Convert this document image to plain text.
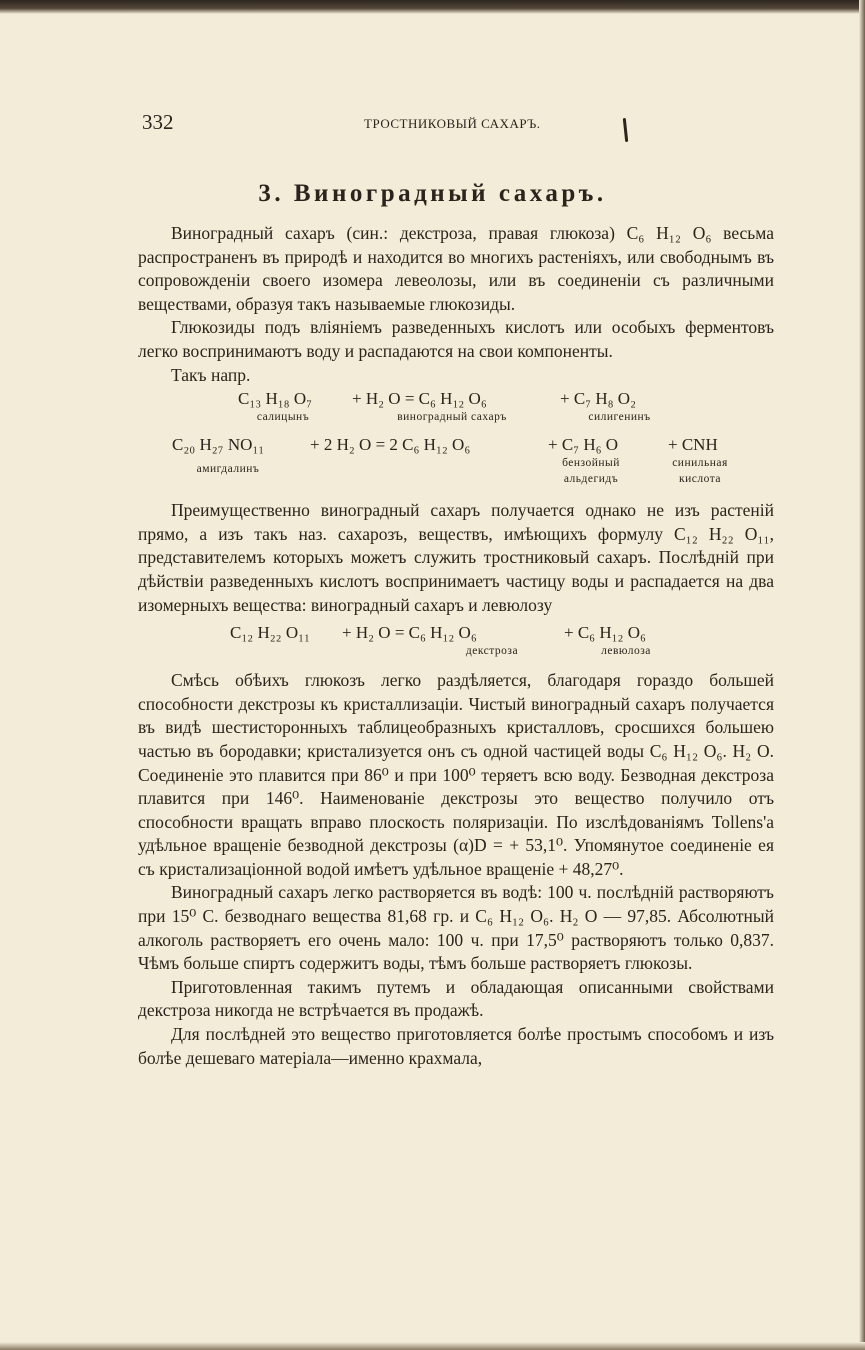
332	ТРОСТНИКОВЫЙ САХАРЪ.
3. Виноградный сахаръ.

Виноградный сахаръ (син.: декстроза, правая глюкоза) C₆ H₁₂ O₆ весьма распространенъ въ природѣ и находится во многихъ растенiяхъ, или свободнымъ въ сопровожденiи своего изомера левеолозы, или въ соединенiи съ различными веществами, образуя такъ называемые глюкозиды.

Глюкозиды подъ влiянiемъ разведенныхъ кислотъ или особыхъ ферментовъ легко воспринимаютъ воду и распадаются на свои компоненты.

Такъ напр.

C₁₃ H₁₈ O₇
салицынъ
+ H₂ O = C₆ H₁₂ O₆
виноградный сахаръ
+ C₇ H₈ O₂
силигенинъ
C₂₀ H₂₇ NO₁₁
амигдалинъ
+ 2 H₂ O = 2 C₆ H₁₂ O₆	+ C₇ H₆ O
бензойный
альдегидъ
+ CNH
синильная
кислота

Преимущественно виноградный сахаръ получается однако не изъ растенiй прямо, а изъ такъ наз. сахарозъ, веществъ, имѣющихъ формулу C₁₂ H₂₂ O₁₁, представителемъ которыхъ можетъ служить тростниковый сахаръ. Послѣднiй при дѣйствiи разведенныхъ кислотъ воспринимаетъ частицу воды и распадается на два изомерныхъ вещества: виноградный сахаръ и левюлозу

C₁₂ H₂₂ O₁₁ + H₂ O = C₆ H₁₂ O₆
декстроза
+ C₆ H₁₂ O₆
левюлоза

Смѣсь обѣихъ глюкозъ легко раздѣляется, благодаря гораздо большей способности декстрозы къ кристаллизацiи. Чистый виноградный сахаръ получается въ видѣ шестисторонныхъ таблицеобразныхъ кристалловъ, сросшихся большею частью въ бородавки; кристализуется онъ съ одной частицей воды C₆ H₁₂ O₆. H₂ O. Соединенiе это плавится при 86⁰ и при 100⁰ теряетъ всю воду. Безводная декстроза плавится при 146⁰. Наименованiе декстрозы это вещество получило отъ способности вращать вправо плоскость поляризацiи. По изслѣдованiямъ Tollens'a удѣльное вращенiе безводной декстрозы (α)D = + 53,1⁰. Упомянутое соединенiе ея съ кристализацiонной водой имѣетъ удѣльное вращенiе + 48,27⁰.

Виноградный сахаръ легко растворяется въ водѣ: 100 ч. послѣднiй растворяютъ при 15⁰ С. безводнаго вещества 81,68 гр. и C₆ H₁₂ O₆. H₂ O — 97,85. Абсолютный алкоголь растворяетъ его очень мало: 100 ч. при 17,5⁰ растворяютъ только 0,837. Чѣмъ больше спиртъ содержитъ воды, тѣмъ больше растворяетъ глюкозы.

Приготовленная такимъ путемъ и обладающая описанными свойствами декстроза никогда не встрѣчается въ продажѣ.

Для послѣдней это вещество приготовляется болѣе простымъ способомъ и изъ болѣе дешеваго матерiала—именно крахмала,
